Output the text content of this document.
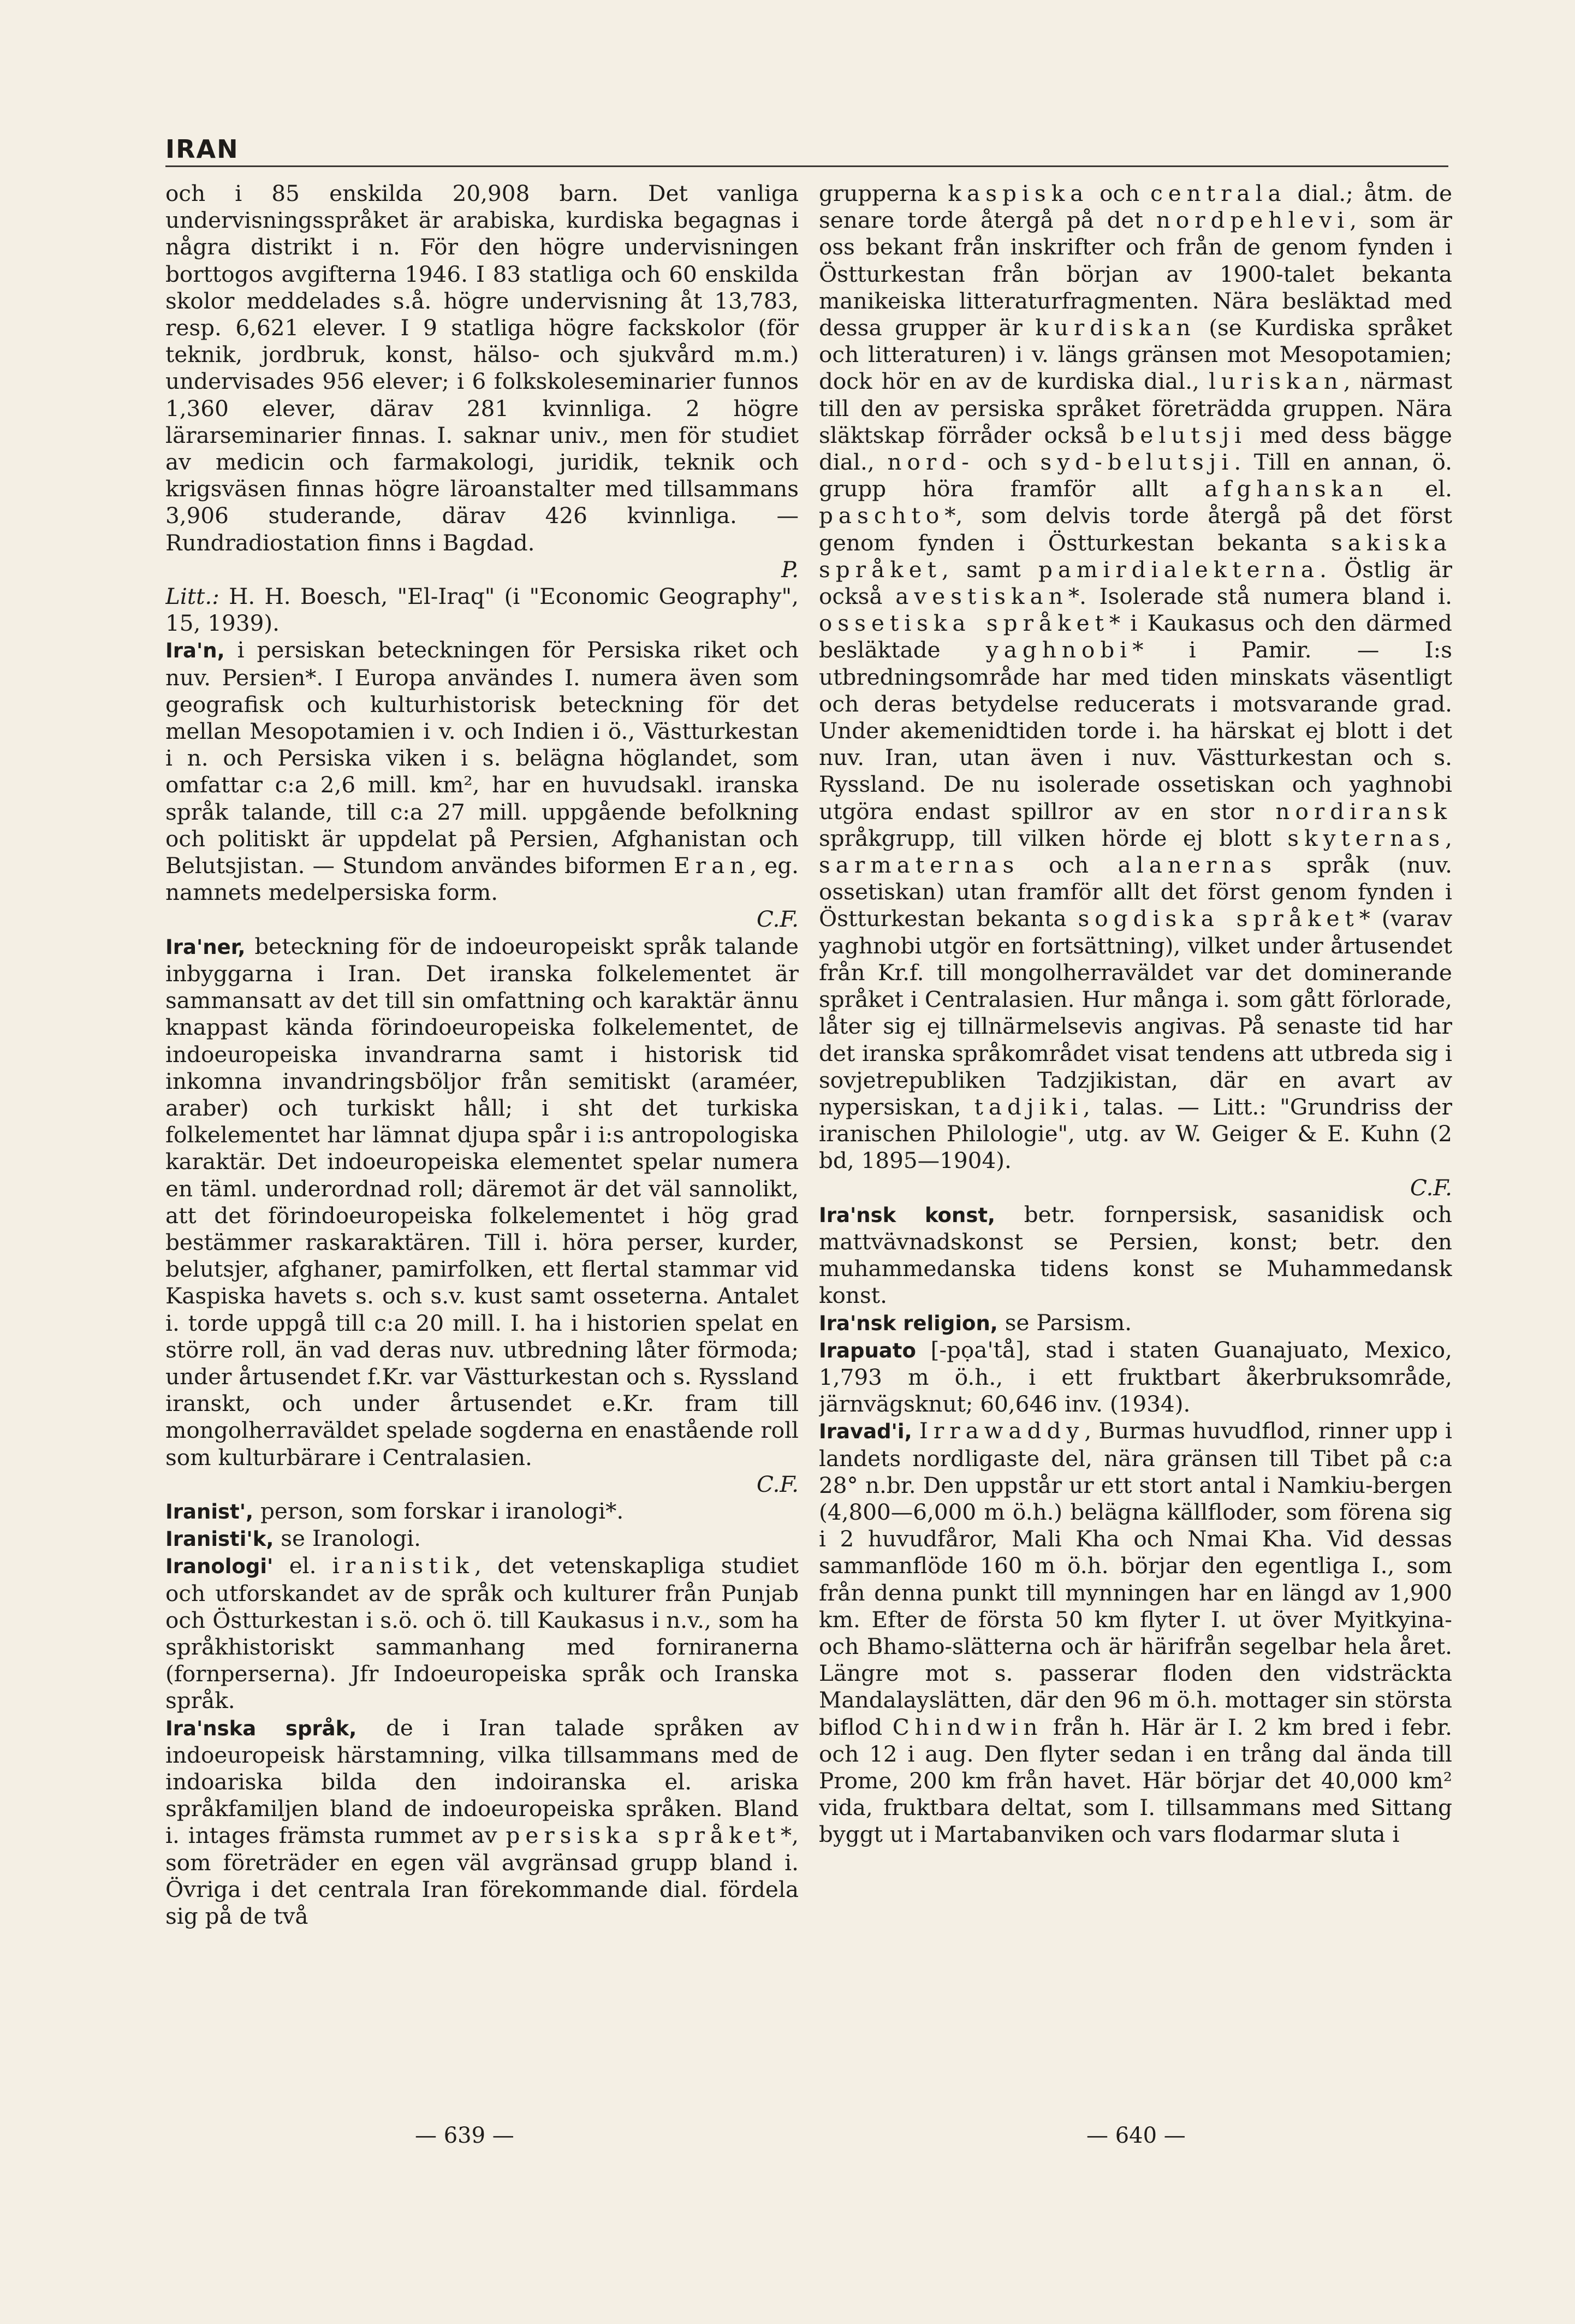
IRAN

och i 85 enskilda 20,908 barn. Det vanliga undervisningsspråket är arabiska, kurdiska begagnas i några distrikt i n. För den högre undervisningen borttogos avgifterna 1946. I 83 statliga och 60 enskilda skolor meddelades s.å. högre undervisning åt 13,783, resp. 6,621 elever. I 9 statliga högre fackskolor (för teknik, jordbruk, konst, hälso- och sjukvård m.m.) undervisades 956 elever; i 6 folkskoleseminarier funnos 1,360 elever, därav 281 kvinnliga. 2 högre lärarseminarier finnas. I. saknar univ., men för studiet av medicin och farmakologi, juridik, teknik och krigsväsen finnas högre läroanstalter med tillsammans 3,906 studerande, därav 426 kvinnliga. — Rundradiostation finns i Bagdad.
P.

Litt.: H. H. Boesch, "El-Iraq" (i "Economic Geography", 15, 1939).

Ira'n, i persiskan beteckningen för Persiska riket och nuv. Persien*. I Europa användes I. numera även som geografisk och kulturhistorisk beteckning för det mellan Mesopotamien i v. och Indien i ö., Västturkestan i n. och Persiska viken i s. belägna höglandet, som omfattar c:a 2,6 mill. km², har en huvudsakl. iranska språk talande, till c:a 27 mill. uppgående befolkning och politiskt är uppdelat på Persien, Afghanistan och Belutsjistan. — Stundom användes biformen Eran, eg. namnets medelpersiska form.
C.F.

Ira'ner, beteckning för de indoeuropeiskt språk talande inbyggarna i Iran. Det iranska folkelementet är sammansatt av det till sin omfattning och karaktär ännu knappast kända förindoeuropeiska folkelementet, de indoeuropeiska invandrarna samt i historisk tid inkomna invandringsböljor från semitiskt (araméer, araber) och turkiskt håll; i sht det turkiska folkelementet har lämnat djupa spår i i:s antropologiska karaktär. Det indoeuropeiska elementet spelar numera en täml. underordnad roll; däremot är det väl sannolikt, att det förindoeuropeiska folkelementet i hög grad bestämmer raskaraktären. Till i. höra perser, kurder, belutsjer, afghaner, pamirfolken, ett flertal stammar vid Kaspiska havets s. och s.v. kust samt osseterna. Antalet i. torde uppgå till c:a 20 mill. I. ha i historien spelat en större roll, än vad deras nuv. utbredning låter förmoda; under årtusendet f.Kr. var Västturkestan och s. Ryssland iranskt, och under årtusendet e.Kr. fram till mongolherraväldet spelade sogderna en enastående roll som kulturbärare i Centralasien.
C.F.

Iranist', person, som forskar i iranologi*.

Iranisti'k, se Iranologi.

Iranologi' el. iranistik, det vetenskapliga studiet och utforskandet av de språk och kulturer från Punjab och Östturkestan i s.ö. och ö. till Kaukasus i n.v., som ha språkhistoriskt sammanhang med forniranerna (fornperserna). Jfr Indoeuropeiska språk och Iranska språk.

Ira'nska språk, de i Iran talade språken av indoeuropeisk härstamning, vilka tillsammans med de indoariska bilda den indoiranska el. ariska språkfamiljen bland de indoeuropeiska språken. Bland i. intages främsta rummet av persiska språket*, som företräder en egen väl avgränsad grupp bland i. Övriga i det centrala Iran förekommande dial. fördela sig på de två

grupperna kaspiska och centrala dial.; åtm. de senare torde återgå på det nordpehlevi, som är oss bekant från inskrifter och från de genom fynden i Östturkestan från början av 1900-talet bekanta manikeiska litteraturfragmenten. Nära besläktad med dessa grupper är kurdiskan (se Kurdiska språket och litteraturen) i v. längs gränsen mot Mesopotamien; dock hör en av de kurdiska dial., luriskan, närmast till den av persiska språket företrädda gruppen. Nära släktskap förråder också belutsji med dess bägge dial., nord- och syd-belutsji. Till en annan, ö. grupp höra framför allt afghanskan el. paschto*, som delvis torde återgå på det först genom fynden i Östturkestan bekanta sakiska språket, samt pamirdialekterna. Östlig är också avestiskan*. Isolerade stå numera bland i. ossetiska språket* i Kaukasus och den därmed besläktade yaghnobi* i Pamir. — I:s utbredningsområde har med tiden minskats väsentligt och deras betydelse reducerats i motsvarande grad. Under akemenidtiden torde i. ha härskat ej blott i det nuv. Iran, utan även i nuv. Västturkestan och s. Ryssland. De nu isolerade ossetiskan och yaghnobi utgöra endast spillror av en stor nordiransk språkgrupp, till vilken hörde ej blott skyternas, sarmaternas och alanernas språk (nuv. ossetiskan) utan framför allt det först genom fynden i Östturkestan bekanta sogdiska språket* (varav yaghnobi utgör en fortsättning), vilket under årtusendet från Kr.f. till mongolherraväldet var det dominerande språket i Centralasien. Hur många i. som gått förlorade, låter sig ej tillnärmelsevis angivas. På senaste tid har det iranska språkområdet visat tendens att utbreda sig i sovjetrepubliken Tadzjikistan, där en avart av nypersiskan, tadjiki, talas. — Litt.: "Grundriss der iranischen Philologie", utg. av W. Geiger & E. Kuhn (2 bd, 1895—1904).
C.F.

Ira'nsk konst, betr. fornpersisk, sasanidisk och mattvävnadskonst se Persien, konst; betr. den muhammedanska tidens konst se Muhammedansk konst.

Ira'nsk religion, se Parsism.

Irapuato [-pọa'tå], stad i staten Guanajuato, Mexico, 1,793 m ö.h., i ett fruktbart åkerbruksområde, järnvägsknut; 60,646 inv. (1934).

Iravad'i, Irrawaddy, Burmas huvudflod, rinner upp i landets nordligaste del, nära gränsen till Tibet på c:a 28° n.br. Den uppstår ur ett stort antal i Namkiu-bergen (4,800—6,000 m ö.h.) belägna källfloder, som förena sig i 2 huvudfåror, Mali Kha och Nmai Kha. Vid dessas sammanflöde 160 m ö.h. börjar den egentliga I., som från denna punkt till mynningen har en längd av 1,900 km. Efter de första 50 km flyter I. ut över Myitkyina- och Bhamo-slätterna och är härifrån segelbar hela året. Längre mot s. passerar floden den vidsträckta Mandalayslätten, där den 96 m ö.h. mottager sin största biflod Chindwin från h. Här är I. 2 km bred i febr. och 12 i aug. Den flyter sedan i en trång dal ända till Prome, 200 km från havet. Här börjar det 40,000 km² vida, fruktbara deltat, som I. tillsammans med Sittang byggt ut i Martabanviken och vars flodarmar sluta i

— 639 —	— 640 —
